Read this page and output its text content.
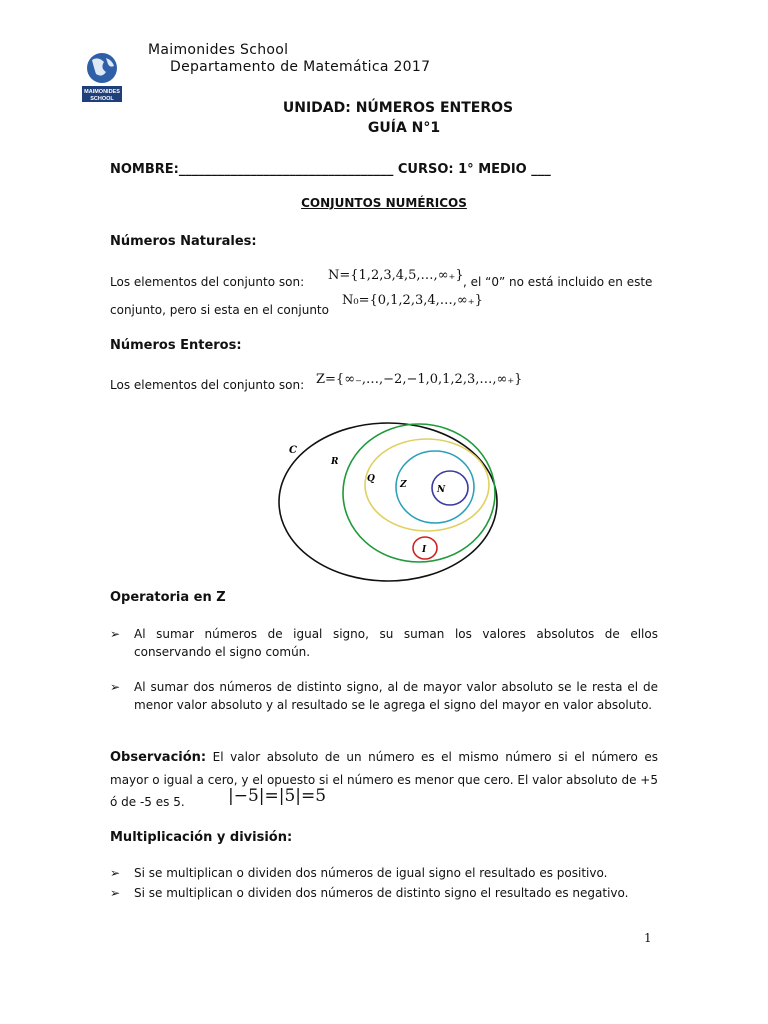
MAIMONIDES
SCHOOL
Maimonides School
Departamento de Matemática 2017
UNIDAD: NÚMEROS ENTEROS
GUÍA N°1
NOMBRE:_________________________________ CURSO: 1° MEDIO ___
CONJUNTOS NUMÉRICOS
Números Naturales:
Los elementos del conjunto son: N={1,2,3,4,5,…,∞₊} , el “0” no está incluido en este
conjunto, pero si esta en el conjunto
N₀={0,1,2,3,4,…,∞₊}
Números Enteros:
Los elementos del conjunto son: Z={∞₋,…,−2,−1,0,1,2,3,…,∞₊}
C
R
Q
Z	N
I
Operatoria en Z
➢ Al sumar números de igual signo, su suman los valores absolutos de ellos conservando el signo común.
➢ Al sumar dos números de distinto signo, al de mayor valor absoluto se le resta el de menor valor absoluto y al resultado se le agrega el signo del mayor en valor absoluto.
Observación: El valor absoluto de un número es el mismo número si el número es mayor o igual a cero, y el opuesto si el número es menor que cero. El valor absoluto de +5 ó de -5 es 5.	|−5|=|5|=5
Multiplicación y división:
➢ Si se multiplican o dividen dos números de igual signo el resultado es positivo.
➢ Si se multiplican o dividen dos números de distinto signo el resultado es negativo.
1
